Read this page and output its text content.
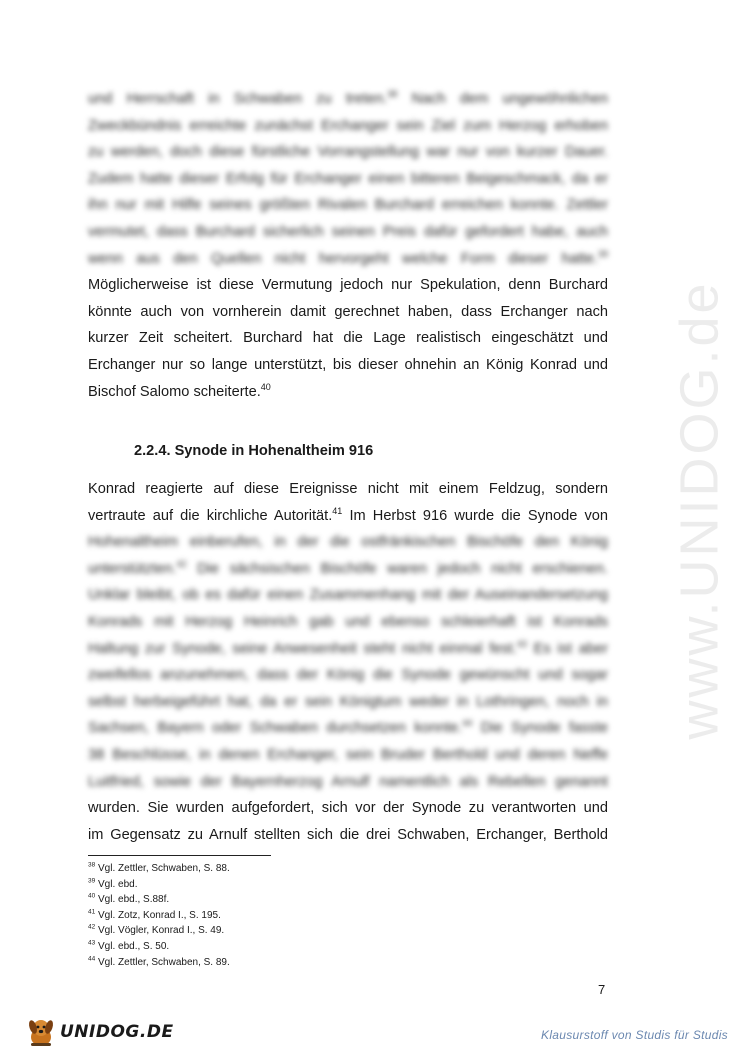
www.UNIDOG.de
und Herrschaft in Schwaben zu treten.$^{38}$ Nach dem ungewöhnlichen
Zweckbündnis erreichte zunächst Erchanger sein Ziel zum Herzog erhoben
zu werden, doch diese fürstliche Vorrangstellung war nur von kurzer Dauer.
Zudem hatte dieser Erfolg für Erchanger einen bitteren Beigeschmack, da er
ihn nur mit Hilfe seines größten Rivalen Burchard erreichen konnte. Zettler
vermutet, dass Burchard sicherlich seinen Preis dafür gefordert habe, auch
wenn aus den Quellen nicht hervorgeht welche Form dieser hatte.$^{39}$
Möglicherweise ist diese Vermutung jedoch nur Spekulation, denn Burchard
könnte auch von vornherein damit gerechnet haben, dass Erchanger nach
kurzer Zeit scheitert. Burchard hat die Lage realistisch eingeschätzt und
Erchanger nur so lange unterstützt, bis dieser ohnehin an König Konrad und
Bischof Salomo scheiterte.$^{40}$
2.2.4. Synode in Hohenaltheim 916
Konrad reagierte auf diese Ereignisse nicht mit einem Feldzug, sondern
vertraute auf die kirchliche Autorität.$^{41}$ Im Herbst 916 wurde die Synode von
Hohenaltheim einberufen, in der die ostfränkischen Bischöfe den König
unterstützten.$^{42}$ Die sächsischen Bischöfe waren jedoch nicht erschienen.
Unklar bleibt, ob es dafür einen Zusammenhang mit der Auseinandersetzung
Konrads mit Herzog Heinrich gab und ebenso schleierhaft ist Konrads
Haltung zur Synode, seine Anwesenheit steht nicht einmal fest.$^{43}$ Es ist aber
zweifellos anzunehmen, dass der König die Synode gewünscht und sogar
selbst herbeigeführt hat, da er sein Königtum weder in Lothringen, noch in
Sachsen, Bayern oder Schwaben durchsetzen konnte.$^{44}$ Die Synode fasste
38 Beschlüsse, in denen Erchanger, sein Bruder Berthold und deren Neffe
Luitfried, sowie der Bayernherzog Arnulf namentlich als Rebellen genannt
wurden. Sie wurden aufgefordert, sich vor der Synode zu verantworten und
im Gegensatz zu Arnulf stellten sich die drei Schwaben, Erchanger, Berthold
$^{38}$ Vgl. Zettler, Schwaben, S. 88.
$^{39}$ Vgl. ebd.
$^{40}$ Vgl. ebd., S.88f.
$^{41}$ Vgl. Zotz, Konrad I., S. 195.
$^{42}$ Vgl. Vögler, Konrad I., S. 49.
$^{43}$ Vgl. ebd., S. 50.
$^{44}$ Vgl. Zettler, Schwaben, S. 89.
7
UNIDOG.DE	Klausurstoff von Studis für Studis
